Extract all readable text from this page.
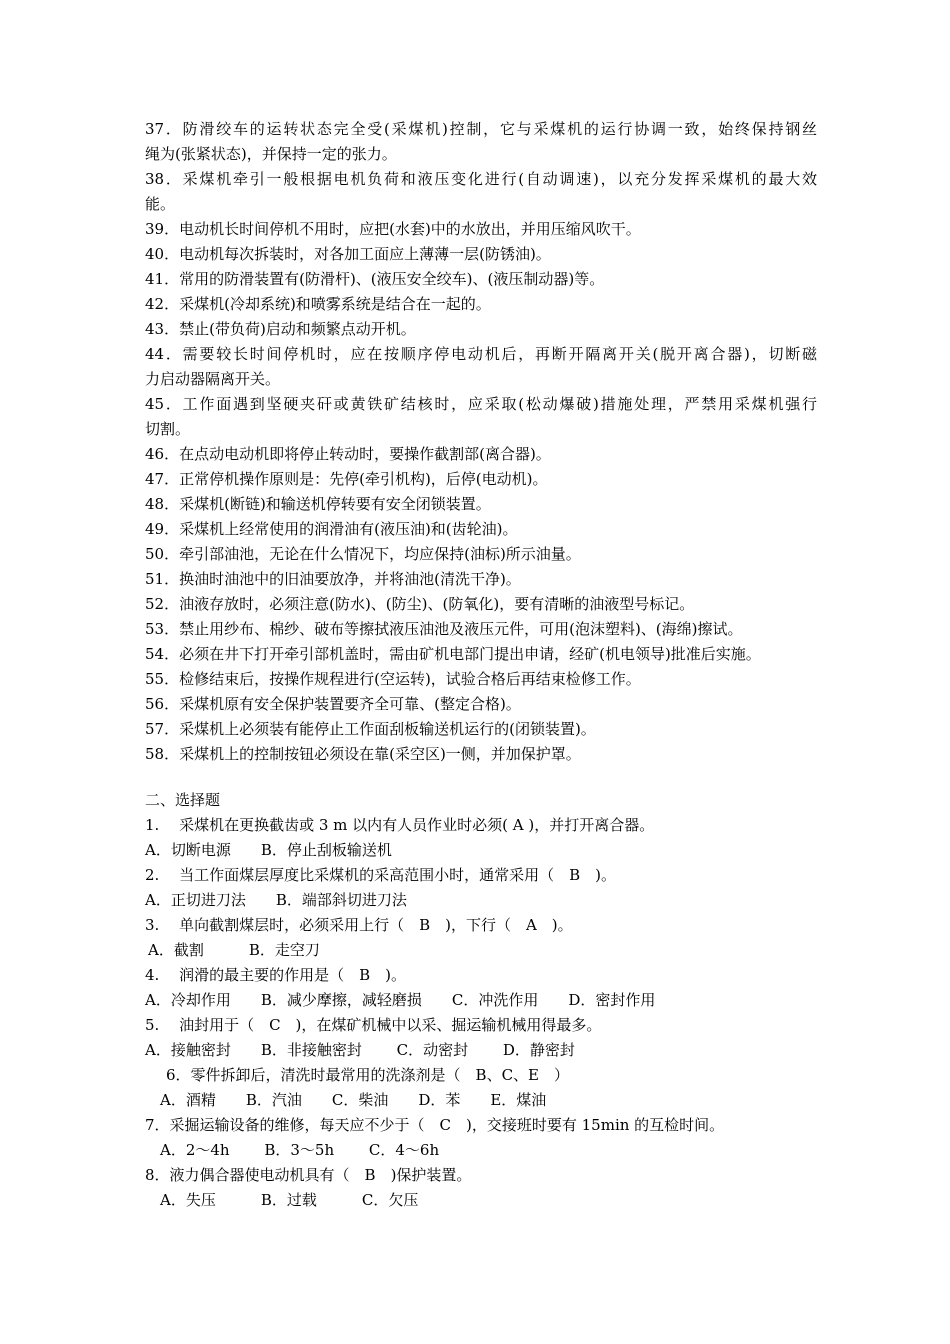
37．防滑绞车的运转状态完全受(采煤机)控制，它与采煤机的运行协调一致，始终保持钢丝
绳为(张紧状态)，并保持一定的张力。
38．采煤机牵引一般根据电机负荷和液压变化进行(自动调速)，以充分发挥采煤机的最大效
能。
39．电动机长时间停机不用时，应把(水套)中的水放出，并用压缩风吹干。
40．电动机每次拆装时，对各加工面应上薄薄一层(防锈油)。
41．常用的防滑装置有(防滑杆)、(液压安全绞车)、(液压制动器)等。
42．采煤机(冷却系统)和喷雾系统是结合在一起的。
43．禁止(带负荷)启动和频繁点动开机。
44．需要较长时间停机时，应在按顺序停电动机后，再断开隔离开关(脱开离合器)，切断磁
力启动器隔离开关。
45．工作面遇到坚硬夹矸或黄铁矿结核时，应采取(松动爆破)措施处理，严禁用采煤机强行
切割。
46．在点动电动机即将停止转动时，要操作截割部(离合器)。
47．正常停机操作原则是：先停(牵引机构)，后停(电动机)。
48．采煤机(断链)和输送机停转要有安全闭锁装置。
49．采煤机上经常使用的润滑油有(液压油)和(齿轮油)。
50．牵引部油池，无论在什么情况下，均应保持(油标)所示油量。
51．换油时油池中的旧油要放净，并将油池(清洗干净)。
52．油液存放时，必须注意(防水)、(防尘)、(防氧化)，要有清晰的油液型号标记。
53．禁止用纱布、棉纱、破布等擦拭液压油池及液压元件，可用(泡沫塑料)、(海绵)擦试。
54．必须在井下打开牵引部机盖时，需由矿机电部门提出申请，经矿(机电领导)批准后实施。
55．检修结束后，按操作规程进行(空运转)，试验合格后再结束检修工作。
56．采煤机原有安全保护装置要齐全可靠、(整定合格)。
57．采煤机上必须装有能停止工作面刮板输送机运行的(闭锁装置)。
58．采煤机上的控制按钮必须设在靠(采空区)一侧，并加保护罩。
二、选择题
1.　 采煤机在更换截齿或 3 m 以内有人员作业时必须( A )，并打开离合器。
A．切断电源　　B．停止刮板输送机
2.　 当工作面煤层厚度比采煤机的采高范围小时，通常采用（　B　)。
A．正切进刀法　　B．端部斜切进刀法
3.　 单向截割煤层时，必须采用上行（　B　)，下行（　A　)。
A．截割　　　B．走空刀
4.　 润滑的最主要的作用是（　B　)。
A．冷却作用　　B．减少摩擦，减轻磨损　　C．冲洗作用　　D．密封作用
5.　 油封用于（　C　)，在煤矿机械中以采、掘运输机械用得最多。
A．接触密封　　B．非接触密封　　 C．动密封　　 D．静密封
6．零件拆卸后，清洗时最常用的洗涤剂是（　B、C、E　）
A．酒精　　B．汽油　　C．柴油　　D．苯　　E．煤油
7．采掘运输设备的维修，每天应不少于（　C　)，交接班时要有 15min 的互检时间。
A．2～4h　　 B．3～5h　　 C．4～6h
8．液力偶合器使电动机具有（　B　)保护装置。
A．失压　　　B．过载　　　C．欠压
